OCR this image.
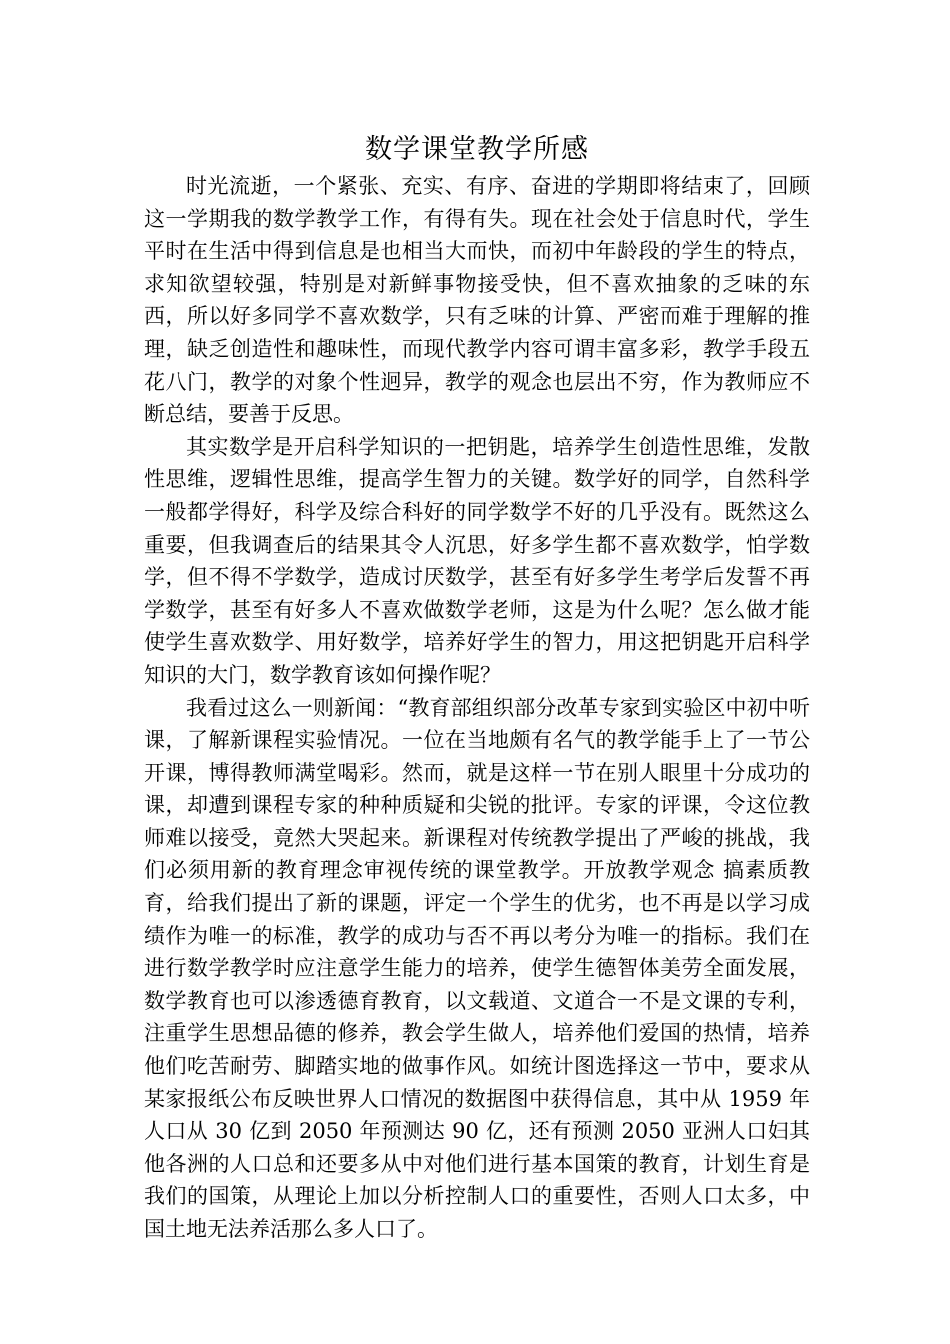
数学课堂教学所感

时光流逝，一个紧张、充实、有序、奋进的学期即将结束了，回顾这一学期我的数学教学工作，有得有失。现在社会处于信息时代，学生平时在生活中得到信息是也相当大而快，而初中年龄段的学生的特点，求知欲望较强，特别是对新鲜事物接受快，但不喜欢抽象的乏味的东西，所以好多同学不喜欢数学，只有乏味的计算、严密而难于理解的推理，缺乏创造性和趣味性，而现代教学内容可谓丰富多彩，教学手段五花八门，教学的对象个性迥异，教学的观念也层出不穷，作为教师应不断总结，要善于反思。

其实数学是开启科学知识的一把钥匙，培养学生创造性思维，发散性思维，逻辑性思维，提高学生智力的关键。数学好的同学，自然科学一般都学得好，科学及综合科好的同学数学不好的几乎没有。既然这么重要，但我调查后的结果其令人沉思，好多学生都不喜欢数学，怕学数学，但不得不学数学，造成讨厌数学，甚至有好多学生考学后发誓不再学数学，甚至有好多人不喜欢做数学老师，这是为什么呢？怎么做才能使学生喜欢数学、用好数学，培养好学生的智力，用这把钥匙开启科学知识的大门，数学教育该如何操作呢？

我看过这么一则新闻：“教育部组织部分改革专家到实验区中初中听课，了解新课程实验情况。一位在当地颇有名气的教学能手上了一节公开课，博得教师满堂喝彩。然而，就是这样一节在别人眼里十分成功的课，却遭到课程专家的种种质疑和尖锐的批评。专家的评课，令这位教师难以接受，竟然大哭起来。新课程对传统教学提出了严峻的挑战，我们必须用新的教育理念审视传统的课堂教学。开放教学观念 搞素质教育，给我们提出了新的课题，评定一个学生的优劣，也不再是以学习成绩作为唯一的标准，教学的成功与否不再以考分为唯一的指标。我们在进行数学教学时应注意学生能力的培养，使学生德智体美劳全面发展，数学教育也可以渗透德育教育，以文载道、文道合一不是文课的专利，注重学生思想品德的修养，教会学生做人，培养他们爱国的热情，培养他们吃苦耐劳、脚踏实地的做事作风。如统计图选择这一节中，要求从某家报纸公布反映世界人口情况的数据图中获得信息，其中从 1959 年人口从 30 亿到 2050 年预测达 90 亿，还有预测 2050 亚洲人口妇其他各洲的人口总和还要多从中对他们进行基本国策的教育，计划生育是我们的国策，从理论上加以分析控制人口的重要性，否则人口太多，中国土地无法养活那么多人口了。
